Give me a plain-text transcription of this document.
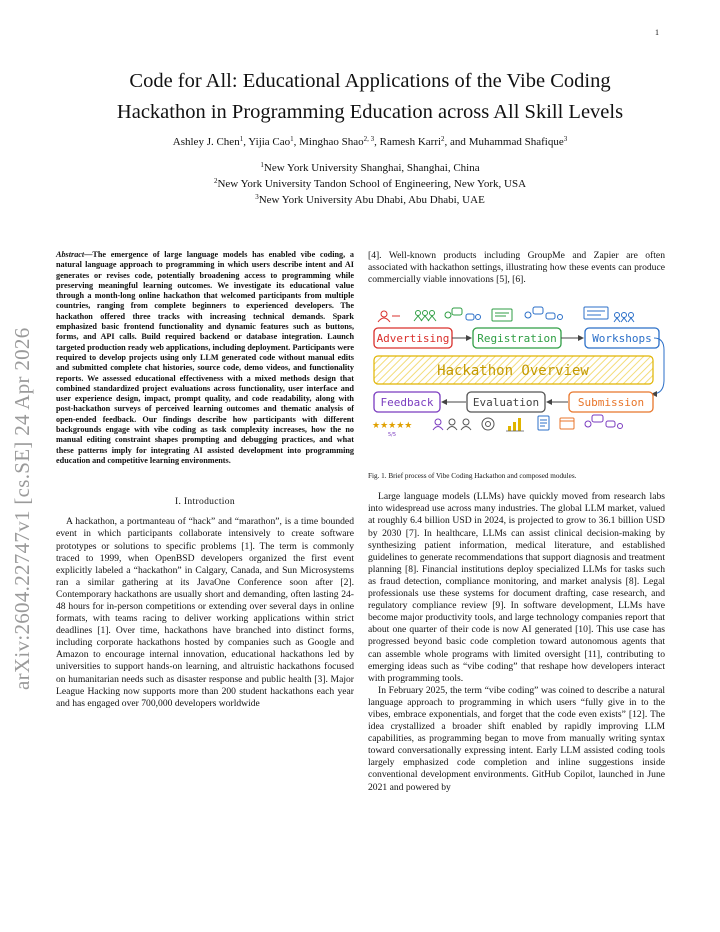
1
arXiv:2604.22747v1 [cs.SE] 24 Apr 2026
Code for All: Educational Applications of the Vibe Coding
Hackathon in Programming Education across All Skill Levels
Ashley J. Chen$^1$, Yijia Cao$^1$, Minghao Shao$^{2, 3}$, Ramesh Karri$^2$, and Muhammad Shafique$^3$
$^1$New York University Shanghai, Shanghai, China
$^2$New York University Tandon School of Engineering, New York, USA
$^3$New York University Abu Dhabi, Abu Dhabi, UAE

Abstract—The emergence of large language models has enabled vibe coding, a natural language approach to programming in which users describe intent and AI generates or revises code, potentially broadening access to programming while preserving meaningful learning outcomes. We investigate its educational value through a month-long online hackathon that welcomed participants from multiple countries, ranging from complete beginners to experienced developers. The hackathon offered three tracks with increasing technical demands. Spark emphasized basic frontend functionality and dynamic features such as buttons, forms, and API calls. Build required backend or database integration. Launch targeted production ready web applications, including deployment. Participants were required to develop projects using only LLM generated code without manual edits and submitted complete chat histories, source code, demo videos, and functionality reports. We assessed educational effectiveness with a mixed methods design that combined standardized project evaluations across functionality, user interface and user experience design, impact, prompt quality, and code readability, along with post-hackathon surveys of perceived learning outcomes and thematic analysis of open-ended feedback. Our findings describe how participants with different backgrounds engage with vibe coding as task complexity increases, how the no manual editing constraint shapes prompting and debugging practices, and what these patterns imply for integrating AI assisted development into programming education and competitive learning environments.

I. Introduction

A hackathon, a portmanteau of “hack” and “marathon”, is a time bounded event in which participants collaborate intensively to create software prototypes or solutions to specific problems [1]. The term is commonly traced to 1999, when OpenBSD developers organized the first event explicitly labeled a “hackathon” in Calgary, Canada, and Sun Microsystems ran a similar gathering at its JavaOne Conference soon after [2]. Contemporary hackathons are usually short and demanding, often lasting 24-48 hours for in-person competitions or extending over several days in online formats, with teams racing to deliver working applications within strict deadlines [1]. Over time, hackathons have branched into distinct forms, including corporate hackathons hosted by companies such as Google and Amazon to encourage internal innovation, educational hackathons led by universities to support hands-on learning, and altruistic hackathons focused on humanitarian needs such as disaster response and public health [3]. Major League Hacking now supports more than 200 student hackathons each year and has engaged over 700,000 developers worldwide

[4]. Well-known products including GroupMe and Zapier are often associated with hackathon settings, illustrating how these events can produce commercially viable innovations [5], [6].

Advertising	Registration	Workshops
Hackathon Overview
Feedback	Evaluation	Submission
★★★★★
5/5

Fig. 1. Brief process of Vibe Coding Hackathon and composed modules.

Large language models (LLMs) have quickly moved from research labs into widespread use across many industries. The global LLM market, valued at roughly 6.4 billion USD in 2024, is projected to grow to 36.1 billion USD by 2030 [7]. In healthcare, LLMs can assist clinical decision-making by synthesizing patient information, medical literature, and established guidelines to generate recommendations that support diagnosis and treatment planning [8]. Financial institutions deploy specialized LLMs for tasks such as fraud detection, compliance monitoring, and market analysis [8]. Legal professionals use these systems for document drafting, case research, and regulatory compliance review [9]. In software development, LLMs have become major productivity tools, and large technology companies report that about one quarter of their code is now AI generated [10]. This use case has progressed beyond basic code completion toward autonomous agents that can assemble whole programs with limited oversight [11], contributing to emerging ideas such as “vibe coding” that reshape how developers interact with programming tools.

In February 2025, the term “vibe coding” was coined to describe a natural language approach to programming in which users “fully give in to the vibes, embrace exponentials, and forget that the code even exists” [12]. The idea crystallized a broader shift enabled by rapidly improving LLM capabilities, as programming began to move from manually writing syntax toward conversationally expressing intent. Early LLM assisted coding tools largely emphasized code completion and inline suggestions inside conventional development environments. GitHub Copilot, launched in June 2021 and powered by
